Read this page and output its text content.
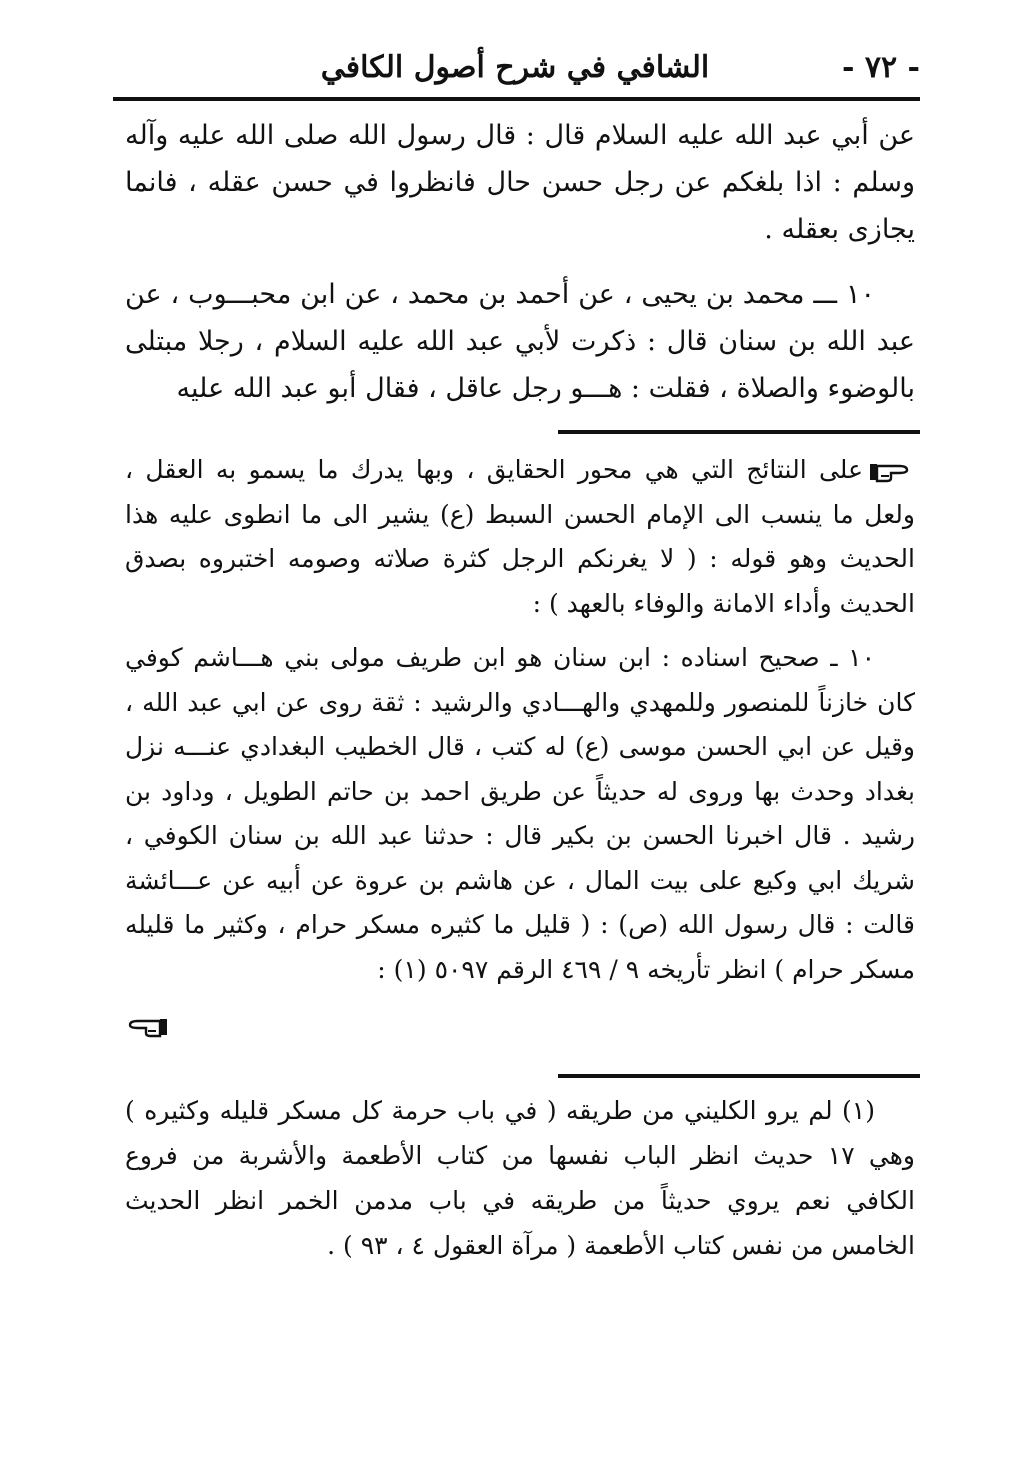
- ٧٢ -
الشافي في شرح أصول الكافي

عن أبي عبد الله عليه السلام قال : قال رسول الله صلى الله عليه وآله وسلم : اذا بلغكم عن رجل حسن حال فانظروا في حسن عقله ، فانما يجازى بعقله .

١٠ ـــ محمد بن يحيى ، عن أحمد بن محمد ، عن ابن محبـــوب ، عن عبد الله بن سنان قال : ذكرت لأبي عبد الله عليه السلام ، رجلا مبتلى بالوضوء والصلاة ، فقلت : هـــو رجل عاقل ، فقال أبو عبد الله عليه

على النتائج التي هي محور الحقايق ، وبها يدرك ما يسمو به العقل ، ولعل ما ينسب الى الإمام الحسن السبط (ع) يشير الى ما انطوى عليه هذا الحديث وهو قوله : ( لا يغرنكم الرجل كثرة صلاته وصومه اختبروه بصدق الحديث وأداء الامانة والوفاء بالعهد ) :

١٠ ـ صحيح اسناده : ابن سنان هو ابن طريف مولى بني هـــاشم كوفي كان خازناً للمنصور وللمهدي والهـــادي والرشيد : ثقة روى عن ابي عبد الله ، وقيل عن ابي الحسن موسى (ع) له كتب ، قال الخطيب البغدادي عنـــه نزل بغداد وحدث بها وروى له حديثاً عن طريق احمد بن حاتم الطويل ، وداود بن رشيد . قال اخبرنا الحسن بن بكير قال : حدثنا عبد الله بن سنان الكوفي ، شريك ابي وكيع على بيت المال ، عن هاشم بن عروة عن أبيه عن عـــائشة قالت : قال رسول الله (ص) : ( قليل ما كثيره مسكر حرام ، وكثير ما قليله مسكر حرام ) انظر تأريخه ٩ / ٤٦٩ الرقم ٥٠٩٧ (١) :

(١) لم يرو الكليني من طريقه ( في باب حرمة كل مسكر قليله وكثيره ) وهي ١٧ حديث انظر الباب نفسها من كتاب الأطعمة والأشربة من فروع الكافي نعم يروي حديثاً من طريقه في باب مدمن الخمر انظر الحديث الخامس من نفس كتاب الأطعمة ( مرآة العقول ٤ ، ٩٣ ) .
